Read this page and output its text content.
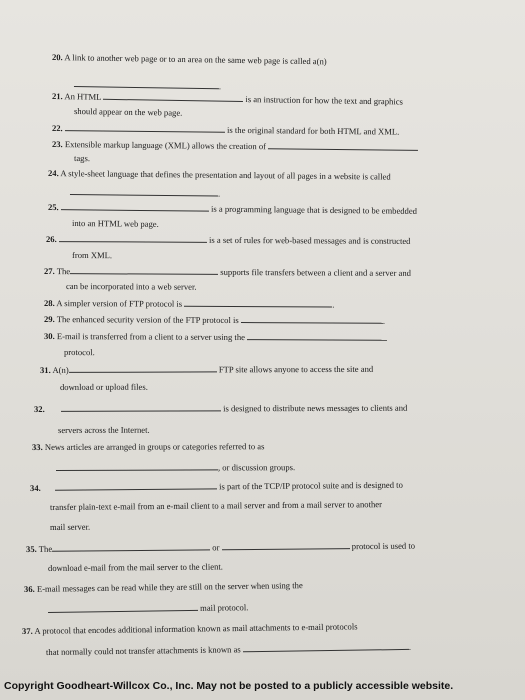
20. A link to another web page or to an area on the same web page is called a(n)
.
21. An HTML	is an instruction for how the text and graphics
should appear on the web page.
22.	is the original standard for both HTML and XML.
23. Extensible markup language (XML) allows the creation of
tags.
24. A style-sheet language that defines the presentation and layout of all pages in a website is called
.
25.	is a programming language that is designed to be embedded
into an HTML web page.
26.	is a set of rules for web-based messages and is constructed
from XML.
27. The	supports file transfers between a client and a server and
can be incorporated into a web server.
28. A simpler version of FTP protocol is	.
29. The enhanced security version of the FTP protocol is	.
30. E-mail is transferred from a client to a server using the
protocol.
31. A(n)	FTP site allows anyone to access the site and
download or upload files.
32.	is designed to distribute news messages to clients and
servers across the Internet.
33. News articles are arranged in groups or categories referred to as
, or discussion groups.
34.	is part of the TCP/IP protocol suite and is designed to
transfer plain-text e-mail from an e-mail client to a mail server and from a mail server to another
mail server.
35. The	or	protocol is used to
download e-mail from the mail server to the client.
36. E-mail messages can be read while they are still on the server when using the
mail protocol.
37. A protocol that encodes additional information known as mail attachments to e-mail protocols
that normally could not transfer attachments is known as	.
Copyright Goodheart-Willcox Co., Inc. May not be posted to a publicly accessible website.
